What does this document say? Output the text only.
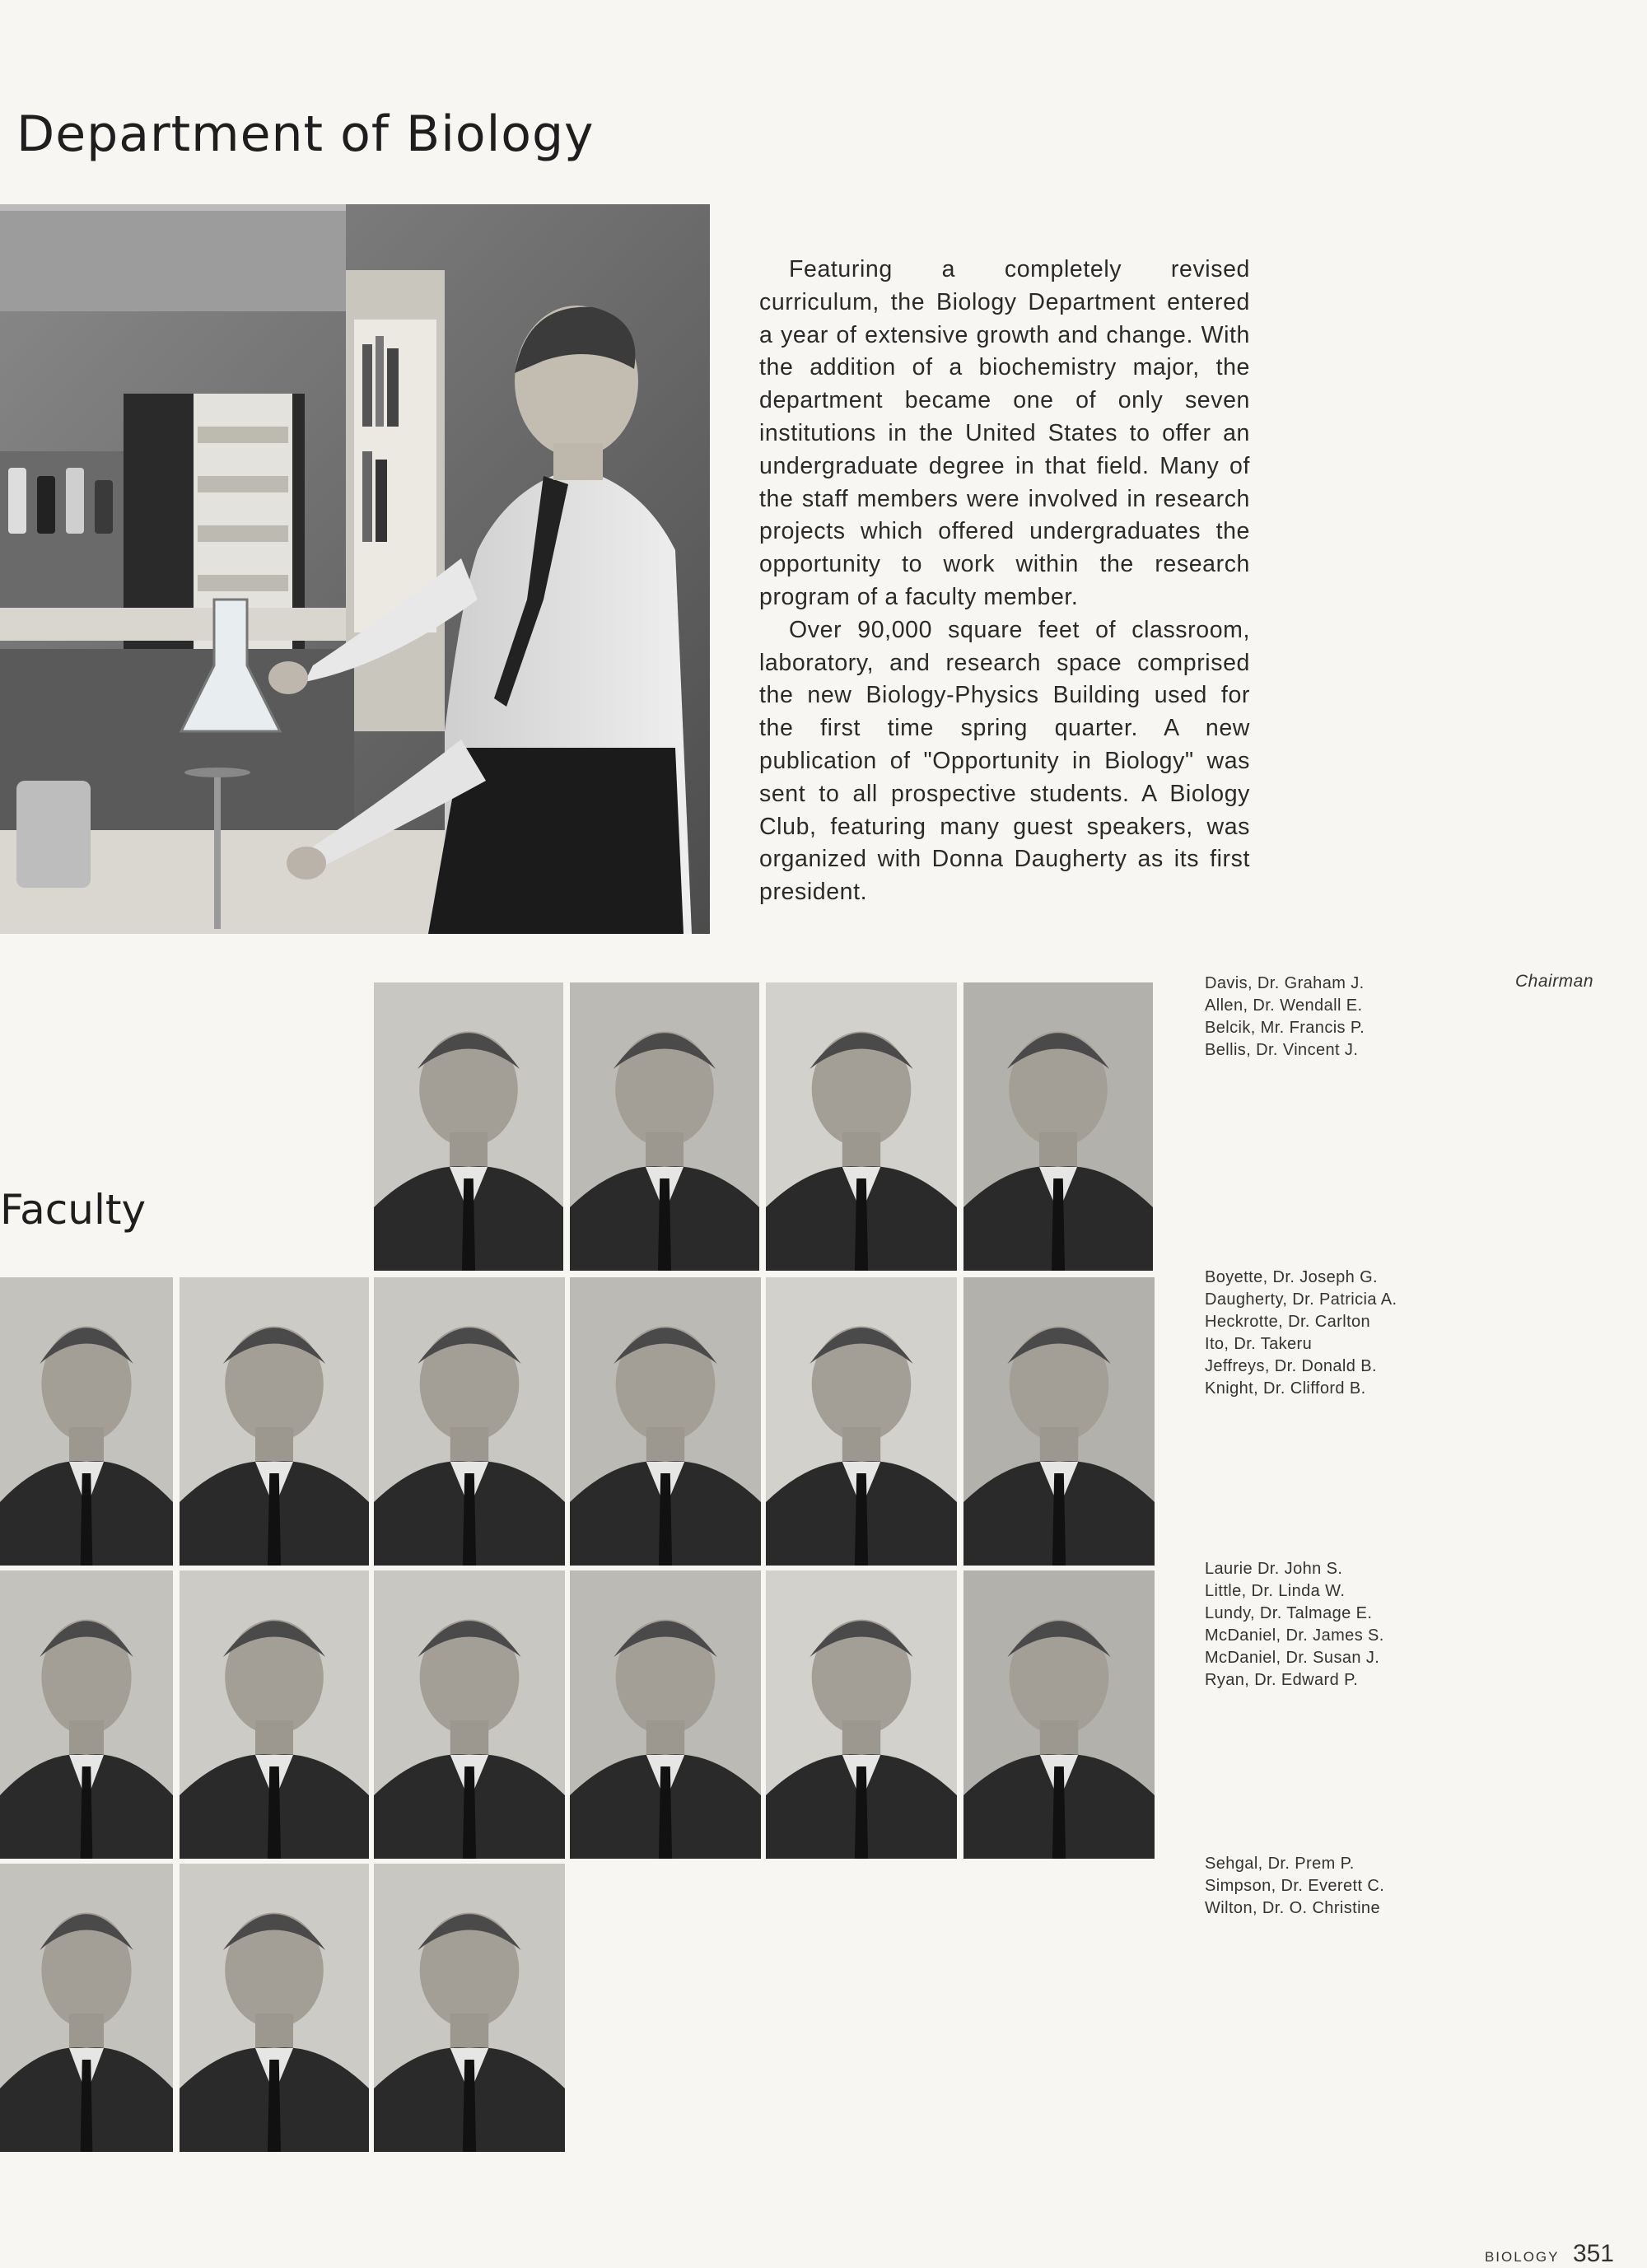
Department of Biology

Featuring a completely revised curriculum, the Biology Department entered a year of extensive growth and change. With the addition of a biochemistry major, the department became one of only seven institutions in the United States to offer an undergraduate degree in that field. Many of the staff members were involved in research projects which offered undergraduates the opportunity to work within the research program of a faculty member.

Over 90,000 square feet of classroom, laboratory, and research space comprised the new Biology-Physics Building used for the first time spring quarter. A new publication of "Opportunity in Biology" was sent to all prospective students. A Biology Club, featuring many guest speakers, was organized with Donna Daugherty as its first president.

Faculty
Davis, Dr. Graham J.
Allen, Dr. Wendall E.
Belcik, Mr. Francis P.
Bellis, Dr. Vincent J.
Chairman
Boyette, Dr. Joseph G.
Daugherty, Dr. Patricia A.
Heckrotte, Dr. Carlton
Ito, Dr. Takeru
Jeffreys, Dr. Donald B.
Knight, Dr. Clifford B.
Laurie Dr. John S.
Little, Dr. Linda W.
Lundy, Dr. Talmage E.
McDaniel, Dr. James S.
McDaniel, Dr. Susan J.
Ryan, Dr. Edward P.
Sehgal, Dr. Prem P.
Simpson, Dr. Everett C.
Wilton, Dr. O. Christine
BIOLOGY 351
